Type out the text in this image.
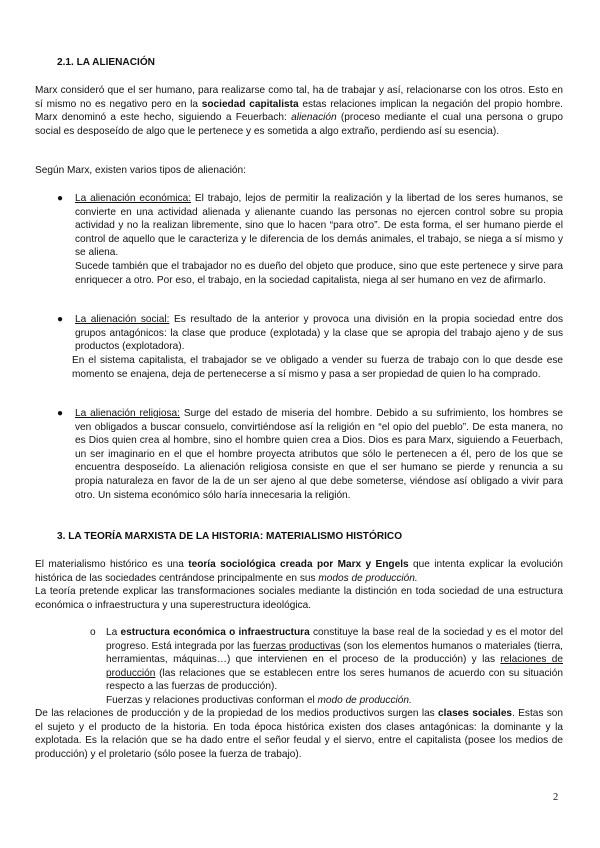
2.1. LA ALIENACIÓN

Marx consideró que el ser humano, para realizarse como tal, ha de trabajar y así, relacionarse con los otros. Esto en sí mismo no es negativo pero en la sociedad capitalista estas relaciones implican la negación del propio hombre. Marx denominó a este hecho, siguiendo a Feuerbach: alienación (proceso mediante el cual una persona o grupo social es desposeído de algo que le pertenece y es sometida a algo extraño, perdiendo así su esencia).

Según Marx, existen varios tipos de alienación:

●	La alienación económica: El trabajo, lejos de permitir la realización y la libertad de los seres humanos, se convierte en una actividad alienada y alienante cuando las personas no ejercen control sobre su propia actividad y no la realizan libremente, sino que lo hacen “para otro”. De esta forma, el ser humano pierde el control de aquello que le caracteriza y le diferencia de los demás animales, el trabajo, se niega a sí mismo y se aliena.

Sucede también que el trabajador no es dueño del objeto que produce, sino que este pertenece y sirve para enriquecer a otro. Por eso, el trabajo, en la sociedad capitalista, niega al ser humano en vez de afirmarlo.

●	La alienación social: Es resultado de la anterior y provoca una división en la propia sociedad entre dos grupos antagónicos: la clase que produce (explotada) y la clase que se apropia del trabajo ajeno y de sus productos (explotadora).

En el sistema capitalista, el trabajador se ve obligado a vender su fuerza de trabajo con lo que desde ese momento se enajena, deja de pertenecerse a sí mismo y pasa a ser propiedad de quien lo ha comprado.

●	La alienación religiosa: Surge del estado de miseria del hombre. Debido a su sufrimiento, los hombres se ven obligados a buscar consuelo, convirtiéndose así la religión en “el opio del pueblo”. De esta manera, no es Dios quien crea al hombre, sino el hombre quien crea a Dios. Dios es para Marx, siguiendo a Feuerbach, un ser imaginario en el que el hombre proyecta atributos que sólo le pertenecen a él, pero de los que se encuentra desposeído. La alienación religiosa consiste en que el ser humano se pierde y renuncia a su propia naturaleza en favor de la de un ser ajeno al que debe someterse, viéndose así obligado a vivir para otro. Un sistema económico sólo haría innecesaria la religión.

3. LA TEORÍA MARXISTA DE LA HISTORIA: MATERIALISMO HISTÓRICO

El materialismo histórico es una teoría sociológica creada por Marx y Engels que intenta explicar la evolución histórica de las sociedades centrándose principalmente en sus modos de producción.

La teoría pretende explicar las transformaciones sociales mediante la distinción en toda sociedad de una estructura económica o infraestructura y una superestructura ideológica.

o	La estructura económica o infraestructura constituye la base real de la sociedad y es el motor del progreso. Está integrada por las fuerzas productivas (son los elementos humanos o materiales (tierra, herramientas, máquinas…) que intervienen en el proceso de la producción) y las relaciones de producción (las relaciones que se establecen entre los seres humanos de acuerdo con su situación respecto a las fuerzas de producción).

Fuerzas y relaciones productivas conforman el modo de producción.

De las relaciones de producción y de la propiedad de los medios productivos surgen las clases sociales. Estas son el sujeto y el producto de la historia. En toda época histórica existen dos clases antagónicas: la dominante y la explotada. Es la relación que se ha dado entre el señor feudal y el siervo, entre el capitalista (posee los medios de producción) y el proletario (sólo posee la fuerza de trabajo).

2
